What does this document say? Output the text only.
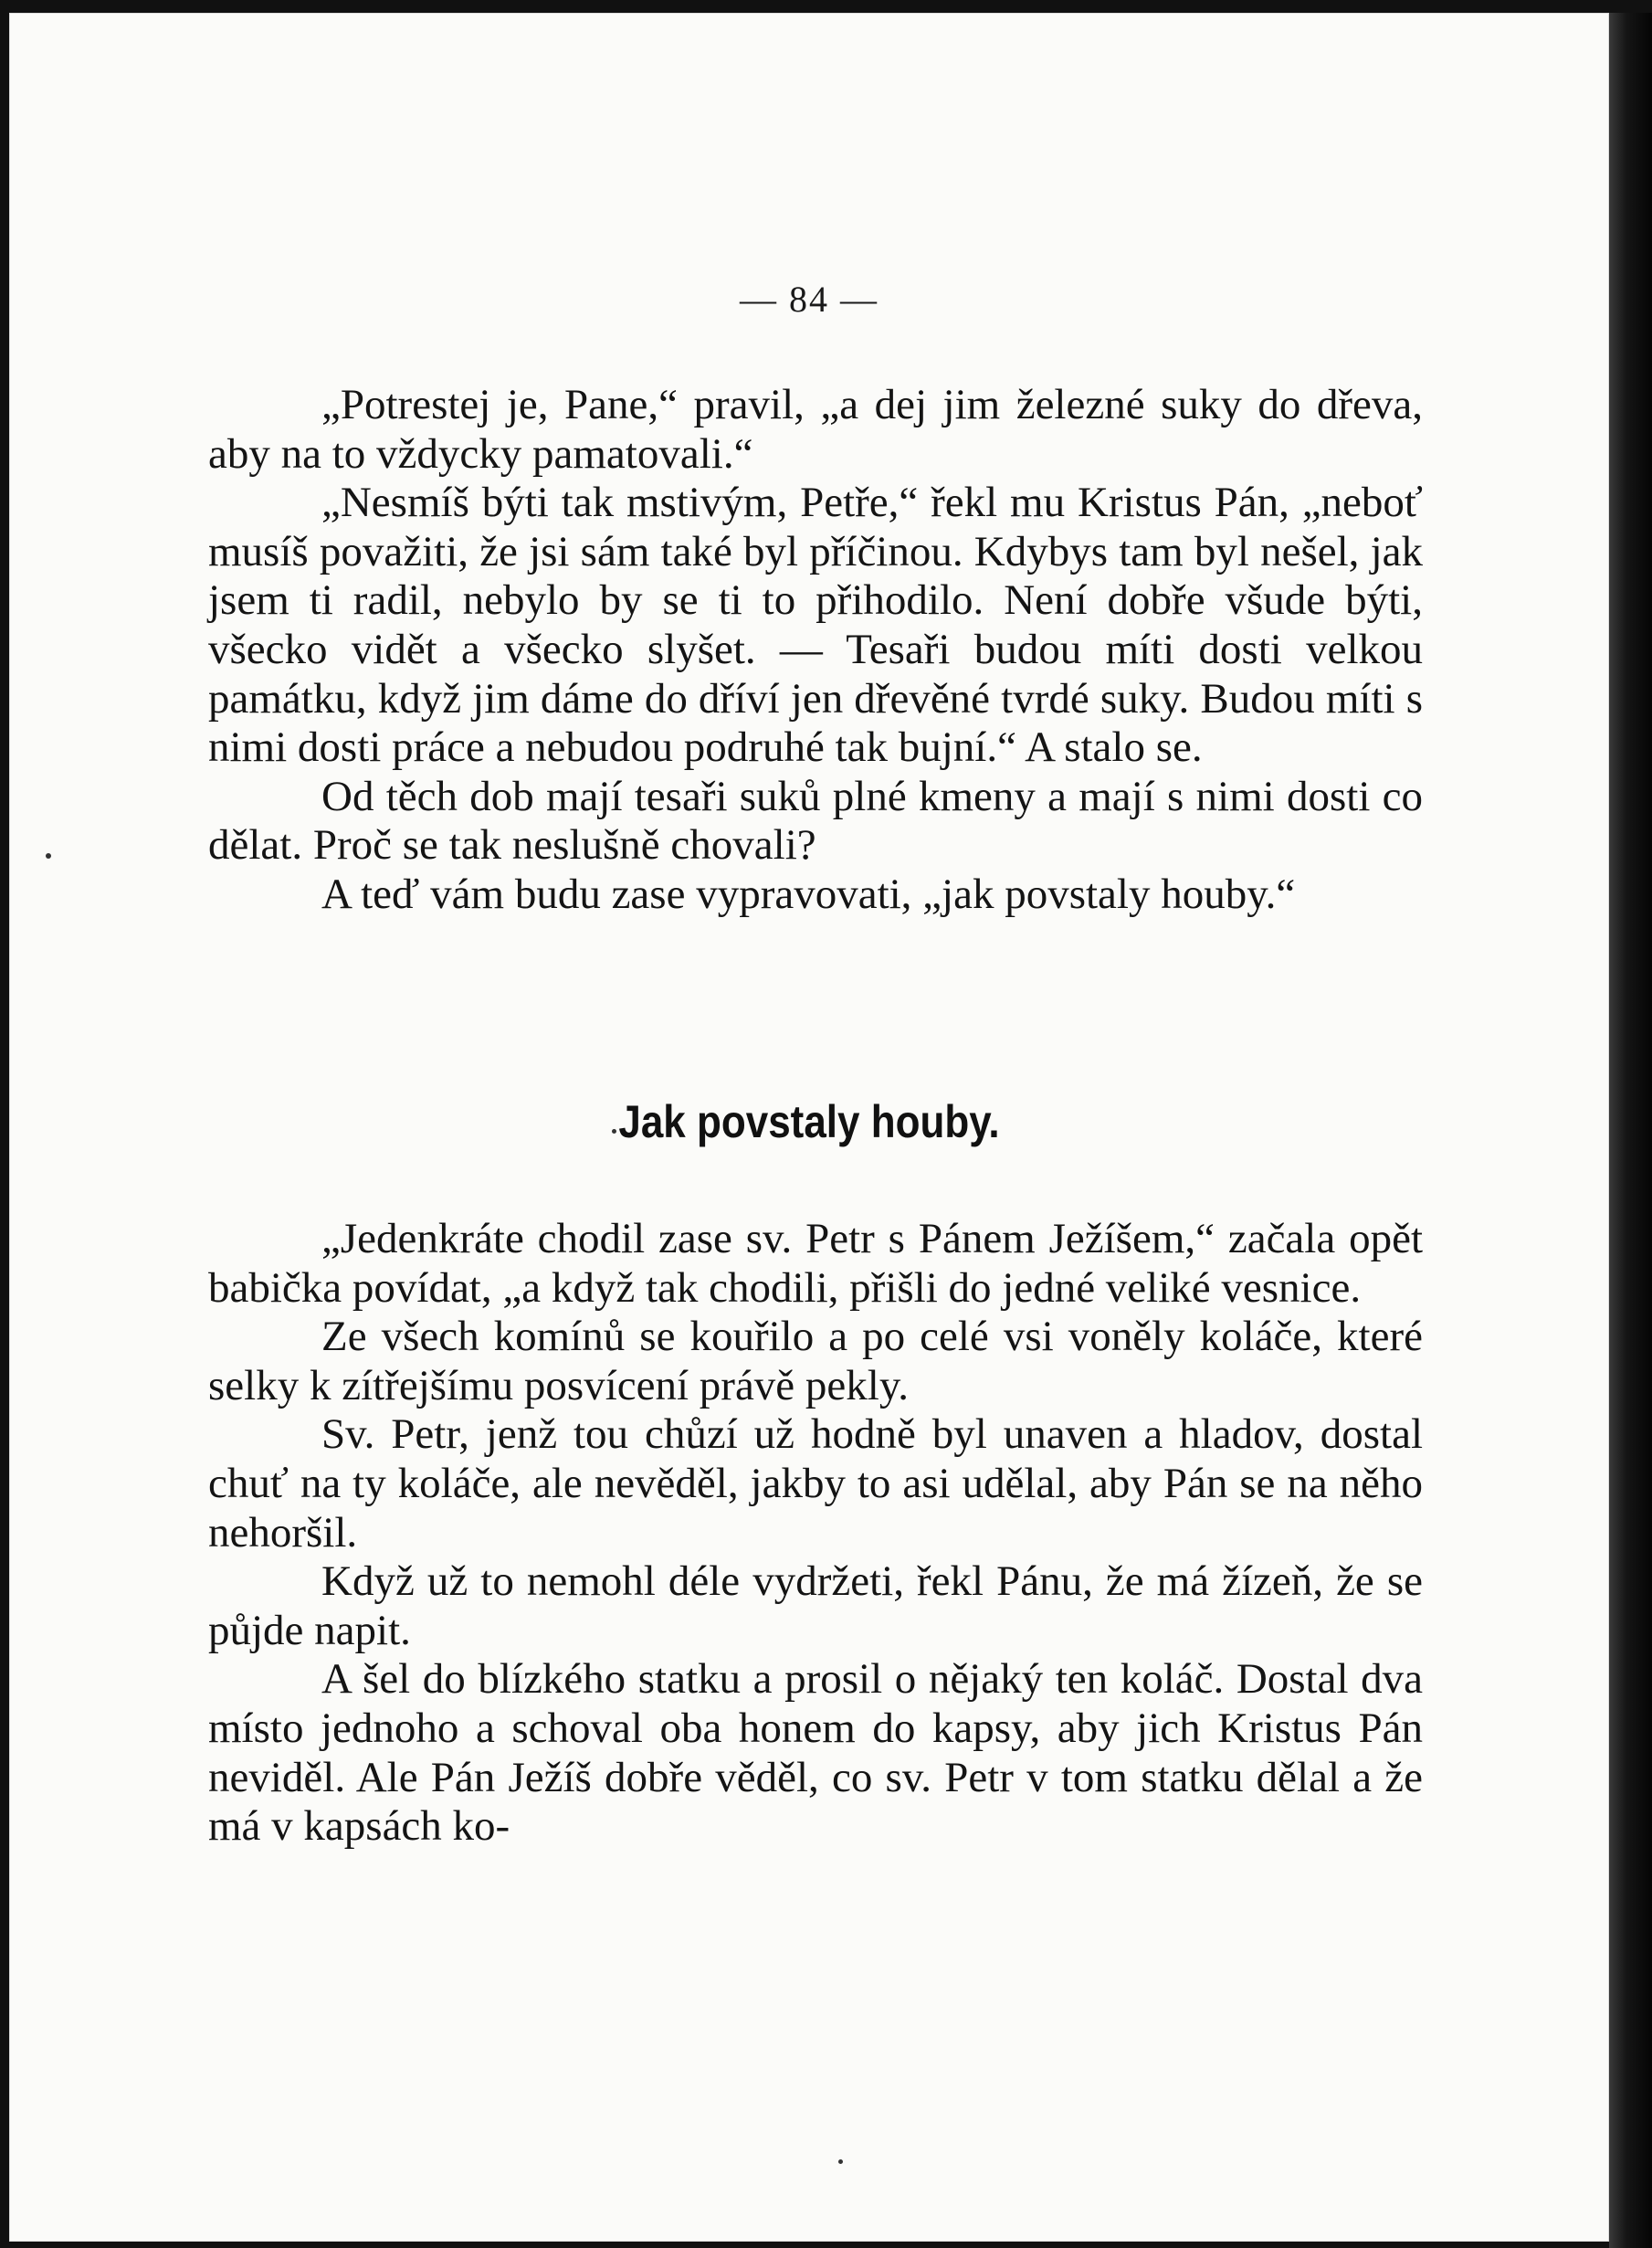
— 84 —

„Potrestej je, Pane,“ pravil, „a dej jim železné suky do dřeva, aby na to vždycky pamatovali.“

„Nesmíš býti tak mstivým, Petře,“ řekl mu Kristus Pán, „neboť musíš považiti, že jsi sám také byl příčinou. Kdybys tam byl nešel, jak jsem ti radil, nebylo by se ti to přihodilo. Není dobře všude býti, všecko vidět a všecko slyšet. — Tesaři budou míti dosti velkou památku, když jim dáme do dříví jen dřevěné tvrdé suky. Budou míti s nimi dosti práce a nebudou podruhé tak bujní.“ A stalo se.

Od těch dob mají tesaři suků plné kmeny a mají s nimi dosti co dělat. Proč se tak neslušně chovali?

A teď vám budu zase vypravovati, „jak povstaly houby.“

Jak povstaly houby.

„Jedenkráte chodil zase sv. Petr s Pánem Ježíšem,“ začala opět babička povídat, „a když tak chodili, přišli do jedné veliké vesnice.

Ze všech komínů se kouřilo a po celé vsi voněly koláče, které selky k zítřejšímu posvícení právě pekly.

Sv. Petr, jenž tou chůzí už hodně byl unaven a hladov, dostal chuť na ty koláče, ale nevěděl, jakby to asi udělal, aby Pán se na něho nehoršil.

Když už to nemohl déle vydržeti, řekl Pánu, že má žízeň, že se půjde napit.

A šel do blízkého statku a prosil o nějaký ten koláč. Dostal dva místo jednoho a schoval oba honem do kapsy, aby jich Kristus Pán neviděl. Ale Pán Ježíš dobře věděl, co sv. Petr v tom statku dělal a že má v kapsách ko-
